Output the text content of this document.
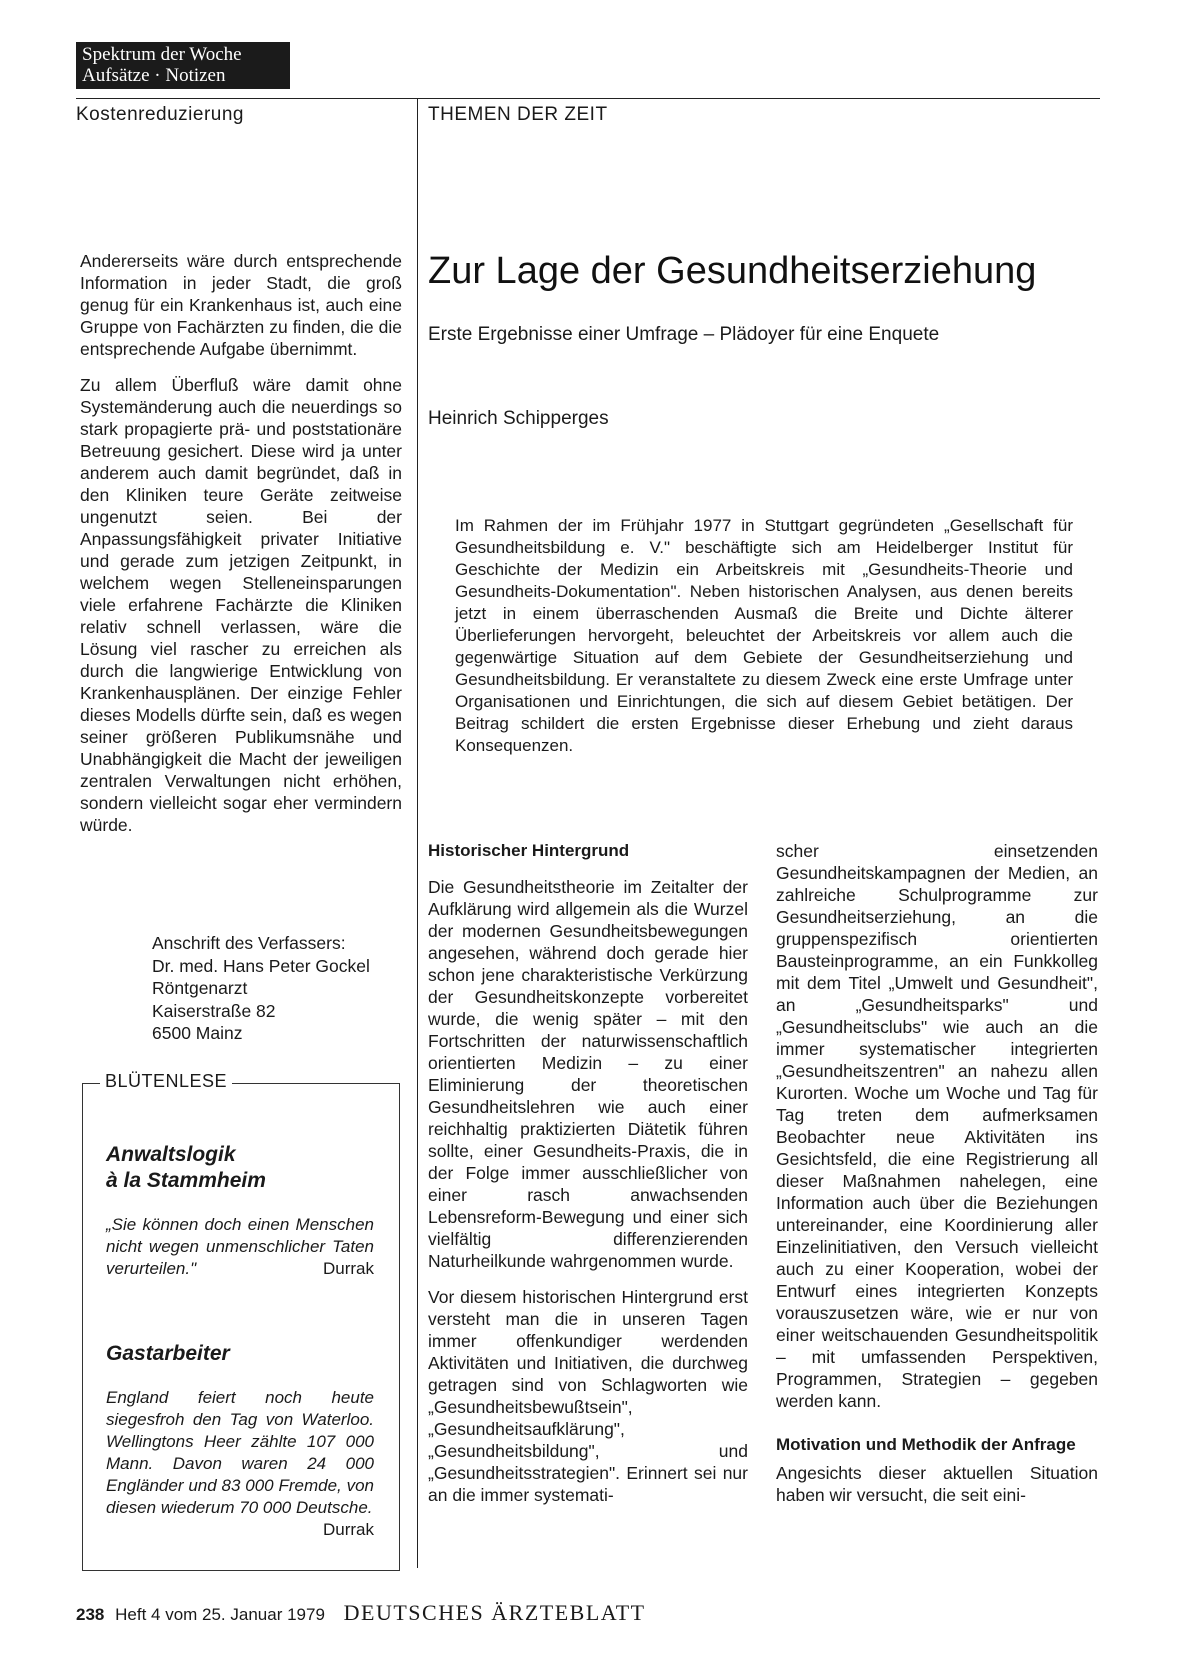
Spektrum der Woche
Aufsätze · Notizen
Kostenreduzierung	THEMEN DER ZEIT

Andererseits wäre durch entsprechende Information in jeder Stadt, die groß genug für ein Krankenhaus ist, auch eine Gruppe von Fachärzten zu finden, die die entsprechende Aufgabe übernimmt.

Zu allem Überfluß wäre damit ohne Systemänderung auch die neuerdings so stark propagierte prä- und poststationäre Betreuung gesichert. Diese wird ja unter anderem auch damit begründet, daß in den Kliniken teure Geräte zeitweise ungenutzt seien. Bei der Anpassungsfähigkeit privater Initiative und gerade zum jetzigen Zeitpunkt, in welchem wegen Stelleneinsparungen viele erfahrene Fachärzte die Kliniken relativ schnell verlassen, wäre die Lösung viel rascher zu erreichen als durch die langwierige Entwicklung von Krankenhausplänen. Der einzige Fehler dieses Modells dürfte sein, daß es wegen seiner größeren Publikumsnähe und Unabhängigkeit die Macht der jeweiligen zentralen Verwaltungen nicht erhöhen, sondern vielleicht sogar eher vermindern würde.

Anschrift des Verfassers:
Dr. med. Hans Peter Gockel
Röntgenarzt
Kaiserstraße 82
6500 Mainz
BLÜTENLESE
Anwaltslogik
à la Stammheim
„Sie können doch einen Menschen nicht wegen unmenschlicher Taten verurteilen."	Durrak
Gastarbeiter
England feiert noch heute siegesfroh den Tag von Waterloo. Wellingtons Heer zählte 107 000 Mann. Davon waren 24 000 Engländer und 83 000 Fremde, von diesen wiederum 70 000 Deutsche.
Durrak
Zur Lage der Gesundheitserziehung
Erste Ergebnisse einer Umfrage – Plädoyer für eine Enquete
Heinrich Schipperges
Im Rahmen der im Frühjahr 1977 in Stuttgart gegründeten „Gesellschaft für Gesundheitsbildung e. V." beschäftigte sich am Heidelberger Institut für Geschichte der Medizin ein Arbeitskreis mit „Gesundheits-Theorie und Gesundheits-Dokumentation". Neben historischen Analysen, aus denen bereits jetzt in einem überraschenden Ausmaß die Breite und Dichte älterer Überlieferungen hervorgeht, beleuchtet der Arbeitskreis vor allem auch die gegenwärtige Situation auf dem Gebiete der Gesundheitserziehung und Gesundheitsbildung. Er veranstaltete zu diesem Zweck eine erste Umfrage unter Organisationen und Einrichtungen, die sich auf diesem Gebiet betätigen. Der Beitrag schildert die ersten Ergebnisse dieser Erhebung und zieht daraus Konsequenzen.
Historischer Hintergrund

Die Gesundheitstheorie im Zeitalter der Aufklärung wird allgemein als die Wurzel der modernen Gesundheitsbewegungen angesehen, während doch gerade hier schon jene charakteristische Verkürzung der Gesundheitskonzepte vorbereitet wurde, die wenig später – mit den Fortschritten der naturwissenschaftlich orientierten Medizin – zu einer Eliminierung der theoretischen Gesundheitslehren wie auch einer reichhaltig praktizierten Diätetik führen sollte, einer Gesundheits-Praxis, die in der Folge immer ausschließlicher von einer rasch anwachsenden Lebensreform-Bewegung und einer sich vielfältig differenzierenden Naturheilkunde wahrgenommen wurde.

Vor diesem historischen Hintergrund erst versteht man die in unseren Tagen immer offenkundiger werdenden Aktivitäten und Initiativen, die durchweg getragen sind von Schlagworten wie „Gesundheitsbewußtsein", „Gesundheitsaufklärung", „Gesundheitsbildung", und „Gesundheitsstrategien". Erinnert sei nur an die immer systemati-

scher einsetzenden Gesundheitskampagnen der Medien, an zahlreiche Schulprogramme zur Gesundheitserziehung, an die gruppenspezifisch orientierten Bausteinprogramme, an ein Funkkolleg mit dem Titel „Umwelt und Gesundheit", an „Gesundheitsparks" und „Gesundheitsclubs" wie auch an die immer systematischer integrierten „Gesundheitszentren" an nahezu allen Kurorten. Woche um Woche und Tag für Tag treten dem aufmerksamen Beobachter neue Aktivitäten ins Gesichtsfeld, die eine Registrierung all dieser Maßnahmen nahelegen, eine Information auch über die Beziehungen untereinander, eine Koordinierung aller Einzelinitiativen, den Versuch vielleicht auch zu einer Kooperation, wobei der Entwurf eines integrierten Konzepts vorauszusetzen wäre, wie er nur von einer weitschauenden Gesundheitspolitik – mit umfassenden Perspektiven, Programmen, Strategien – gegeben werden kann.

Motivation und Methodik der Anfrage

Angesichts dieser aktuellen Situation haben wir versucht, die seit eini-

238 Heft 4 vom 25. Januar 1979 DEUTSCHES ÄRZTEBLATT
